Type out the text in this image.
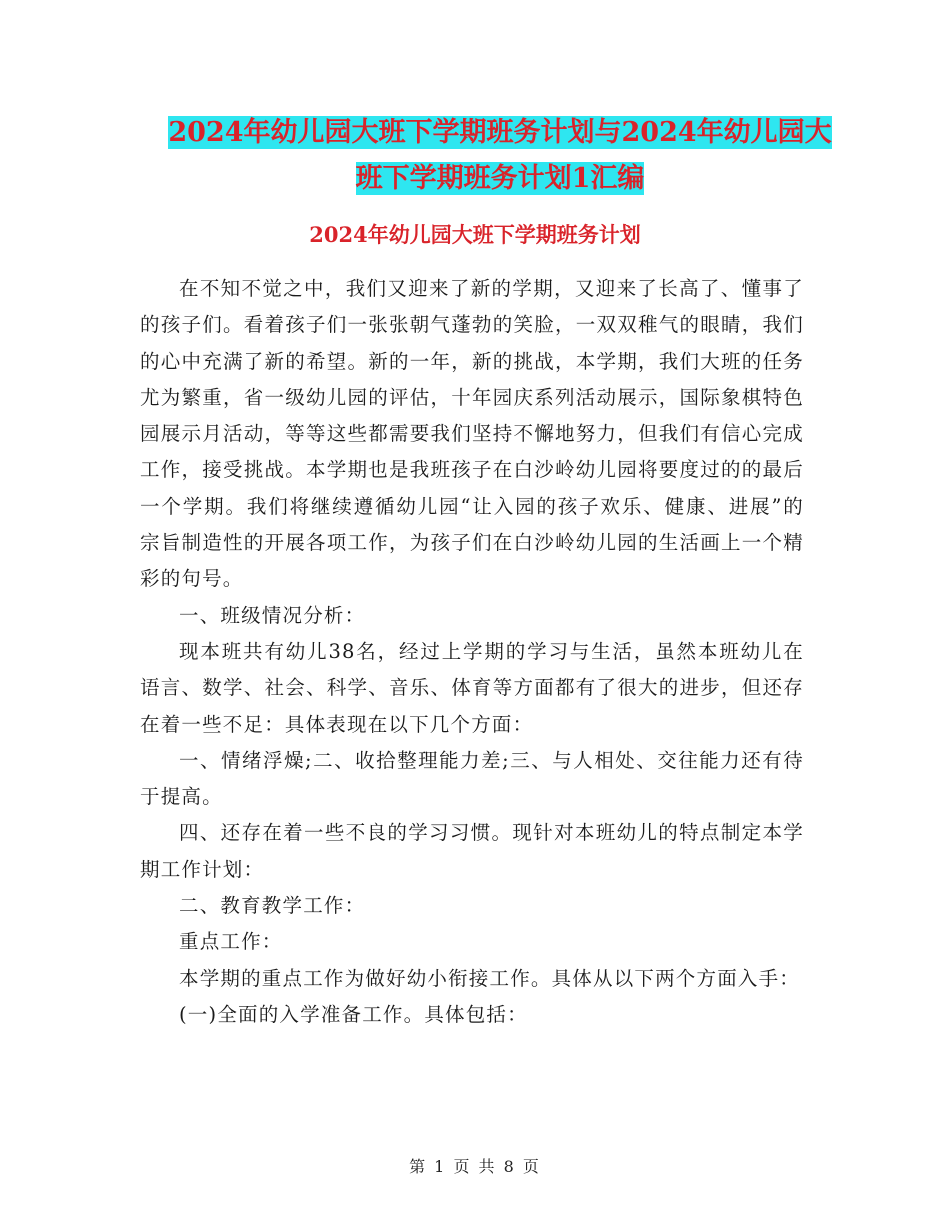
2024年幼儿园大班下学期班务计划与2024年幼儿园大
班下学期班务计划1汇编
2024年幼儿园大班下学期班务计划

在不知不觉之中，我们又迎来了新的学期，又迎来了长高了、懂事了的孩子们。看着孩子们一张张朝气蓬勃的笑脸，一双双稚气的眼睛，我们的心中充满了新的希望。新的一年，新的挑战，本学期，我们大班的任务尤为繁重，省一级幼儿园的评估，十年园庆系列活动展示，国际象棋特色园展示月活动，等等这些都需要我们坚持不懈地努力，但我们有信心完成工作，接受挑战。本学期也是我班孩子在白沙岭幼儿园将要度过的的最后一个学期。我们将继续遵循幼儿园“让入园的孩子欢乐、健康、进展”的宗旨制造性的开展各项工作，为孩子们在白沙岭幼儿园的生活画上一个精彩的句号。

一、班级情况分析：

现本班共有幼儿38名，经过上学期的学习与生活，虽然本班幼儿在语言、数学、社会、科学、音乐、体育等方面都有了很大的进步，但还存在着一些不足：具体表现在以下几个方面：

一、情绪浮燥;二、收拾整理能力差;三、与人相处、交往能力还有待于提高。

四、还存在着一些不良的学习习惯。现针对本班幼儿的特点制定本学期工作计划：

二、教育教学工作：

重点工作：

本学期的重点工作为做好幼小衔接工作。具体从以下两个方面入手：

(一)全面的入学准备工作。具体包括：

第 1 页 共 8 页
